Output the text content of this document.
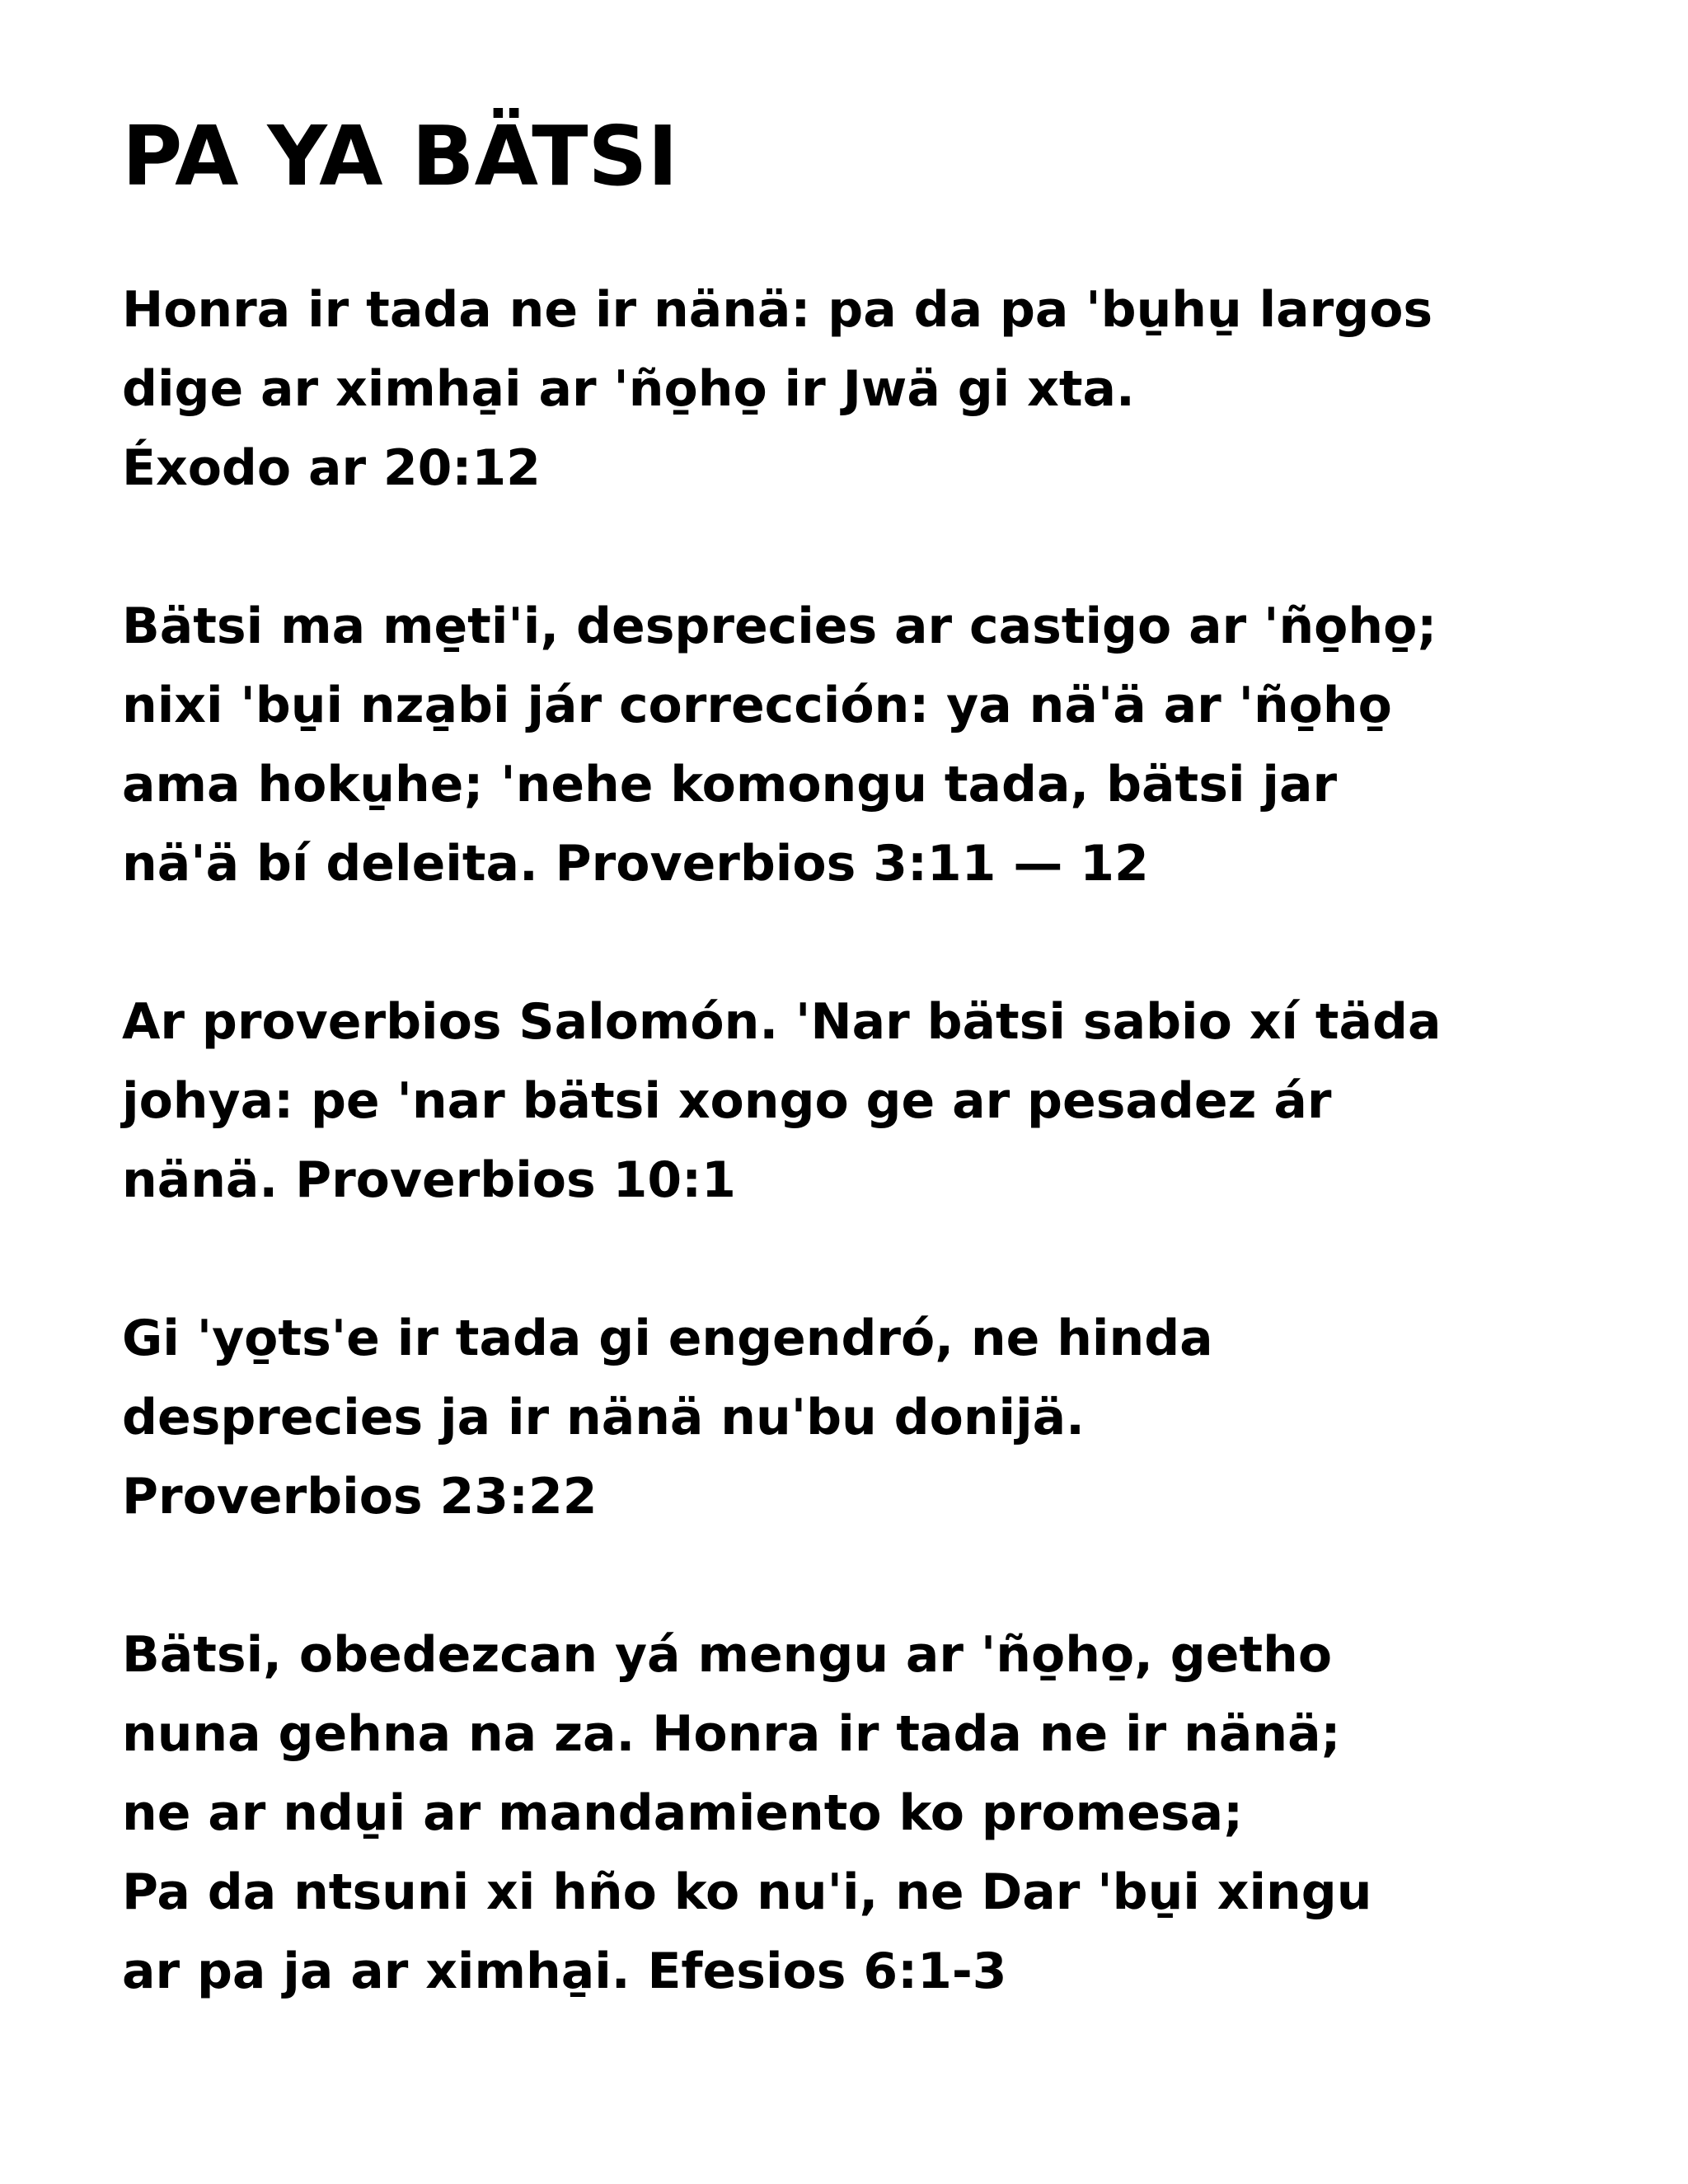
PA YA BÄTSI
Honra ir tada ne ir nänä: pa da pa 'bu̱hu̱ largos
dige ar ximha̱i ar 'ño̱ho̱ ir Jwä gi xta.
Éxodo ar 20:12
Bätsi ma me̱ti'i, desprecies ar castigo ar 'ño̱ho̱;
nixi 'bu̱i nza̱bi jár corrección: ya nä'ä ar 'ño̱ho̱
ama hoku̱he; 'nehe komongu tada, bätsi jar
nä'ä bí deleita. Proverbios 3:11 — 12
Ar proverbios Salomón. 'Nar bätsi sabio xí täda
johya: pe 'nar bätsi xongo ge ar pesadez ár
nänä. Proverbios 10:1
Gi 'yo̱ts'e ir tada gi engendró, ne hinda
desprecies ja ir nänä nu'bu donijä.
Proverbios 23:22
Bätsi, obedezcan yá mengu ar 'ño̱ho̱, getho
nuna gehna na za. Honra ir tada ne ir nänä;
ne ar ndu̱i ar mandamiento ko promesa;
Pa da ntsuni xi hño ko nu'i, ne Dar 'bu̱i xingu
ar pa ja ar ximha̱i. Efesios 6:1-3
